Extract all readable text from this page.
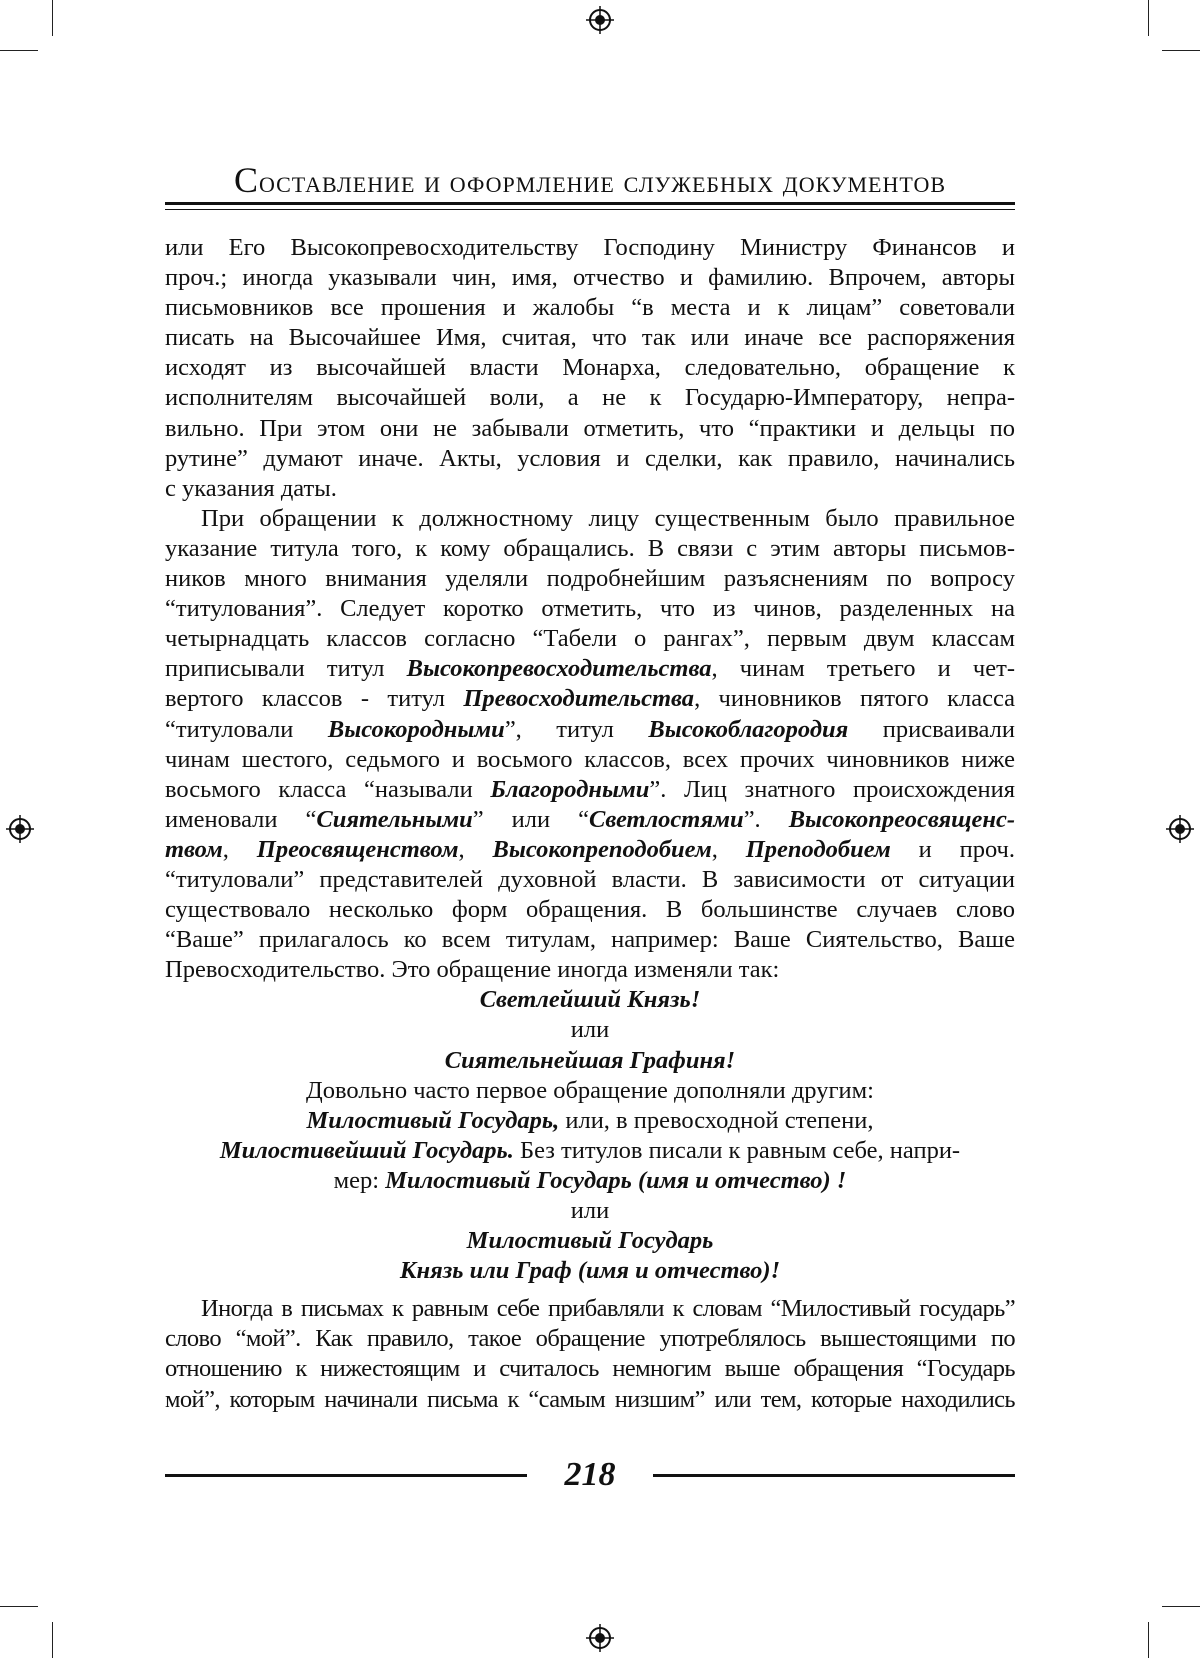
Составление и оформление служебных документов
или Его Высокопревосходительству Господину Министру Финансов и
проч.; иногда указывали чин, имя, отчество и фамилию. Впрочем, авторы
письмовников все прошения и жалобы “в места и к лицам” советовали
писать на Высочайшее Имя, считая, что так или иначе все распоряжения
исходят из высочайшей власти Монарха, следовательно, обращение к
исполнителям высочайшей воли, а не к Государю-Императору, непра-
вильно. При этом они не забывали отметить, что “практики и дельцы по
рутине” думают иначе. Акты, условия и сделки, как правило, начинались
с указания даты.
При обращении к должностному лицу существенным было правильное
указание титула того, к кому обращались. В связи с этим авторы письмов-
ников много внимания уделяли подробнейшим разъяснениям по вопросу
“титулования”. Следует коротко отметить, что из чинов, разделенных на
четырнадцать классов согласно “Табели о рангах”, первым двум классам
приписывали титул Высокопревосходительства, чинам третьего и чет-
вертого классов - титул Превосходительства, чиновников пятого класса
“титуловали Высокородными”, титул Высокоблагородия присваивали
чинам шестого, седьмого и восьмого классов, всех прочих чиновников ниже
восьмого класса “называли Благородными”. Лиц знатного происхождения
именовали “Сиятельными” или “Светлостями”. Высокопреосвященс-
твом, Преосвященством, Высокопреподобием, Преподобием и проч.
“титуловали” представителей духовной власти. В зависимости от ситуации
существовало несколько форм обращения. В большинстве случаев слово
“Ваше” прилагалось ко всем титулам, например: Ваше Сиятельство, Ваше
Превосходительство. Это обращение иногда изменяли так:
Светлейший Князь!
или
Сиятельнейшая Графиня!
Довольно часто первое обращение дополняли другим:
Милостивый Государь, или, в превосходной степени,
Милостивейший Государь. Без титулов писали к равным себе, напри-
мер: Милостивый Государь (имя и отчество) !
или
Милостивый Государь
Князь или Граф (имя и отчество)!
Иногда в письмах к равным себе прибавляли к словам “Милостивый государь”
слово “мой”. Как правило, такое обращение употреблялось вышестоящими по
отношению к нижестоящим и считалось немногим выше обращения “Государь
мой”, которым начинали письма к “самым низшим” или тем, которые находились
218
